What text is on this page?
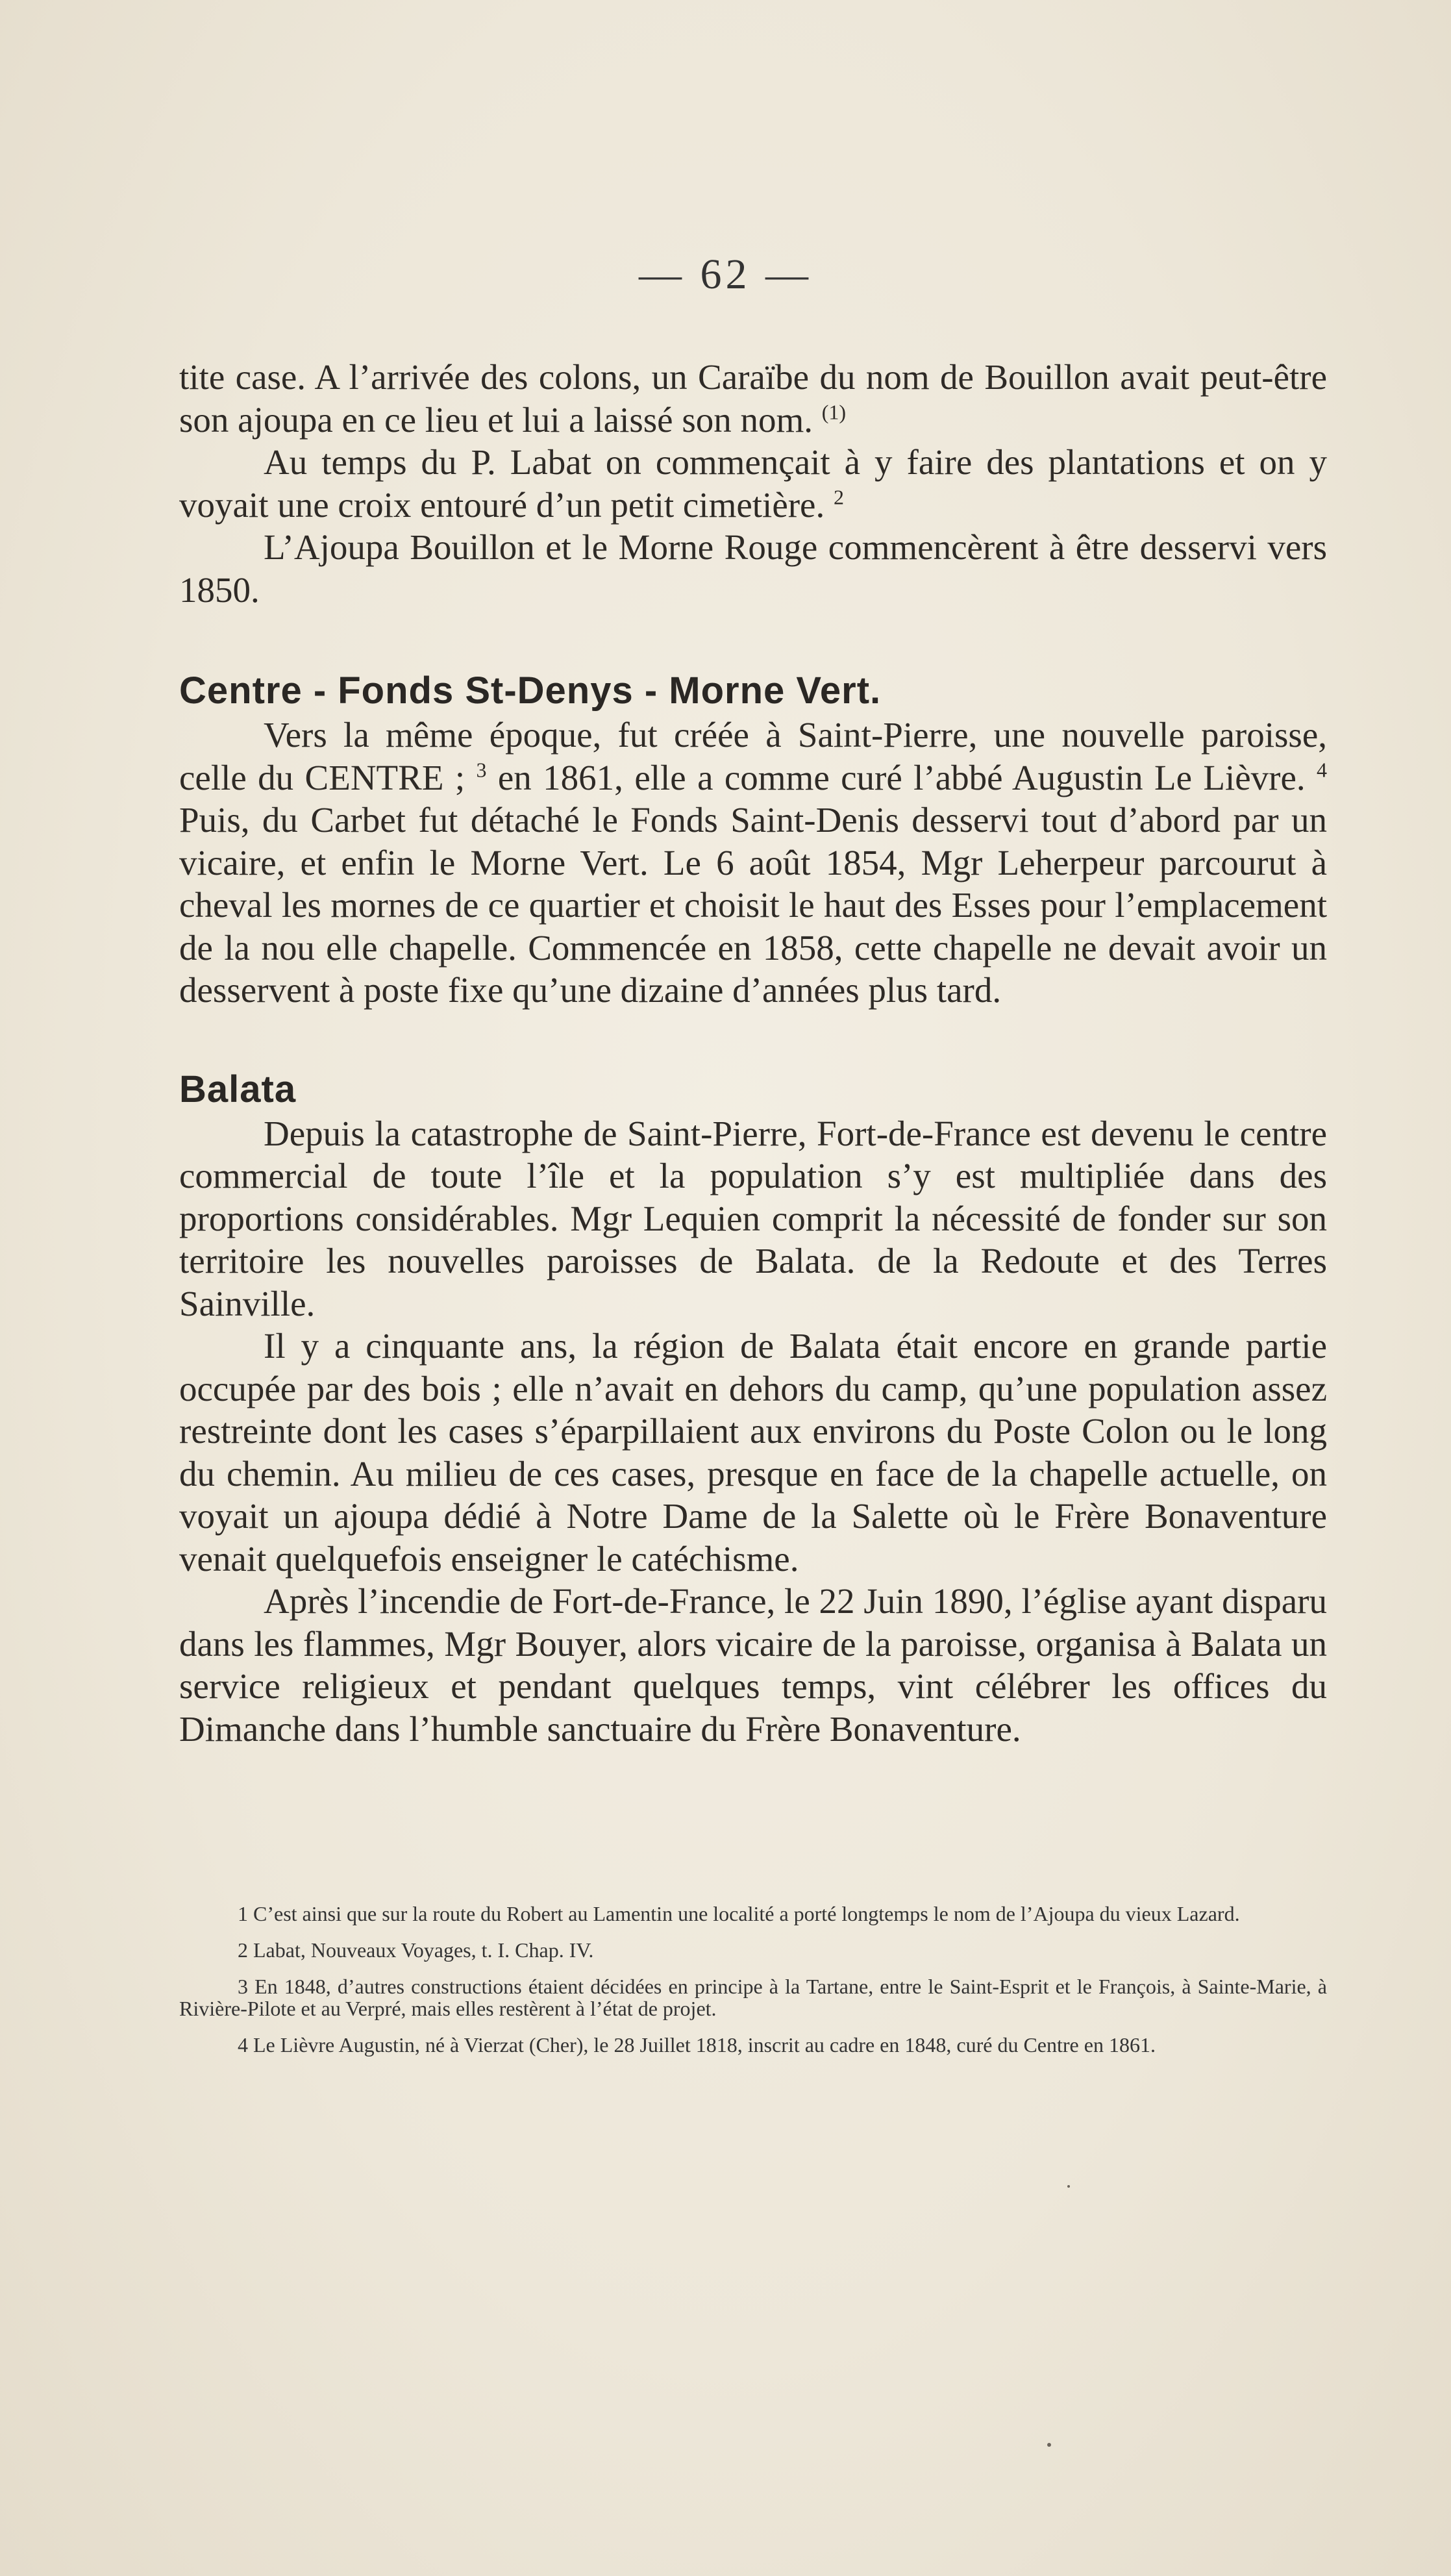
— 62 —

tite case. A l’arrivée des colons, un Caraïbe du nom de Bouillon avait peut-être son ajoupa en ce lieu et lui a laissé son nom. $^{(1)}$

Au temps du P. Labat on commençait à y faire des plantations et on y voyait une croix entouré d’un petit cimetière. $^2$

L’Ajoupa Bouillon et le Morne Rouge commencèrent à être desservi vers 1850.

Centre - Fonds St-Denys - Morne Vert.

Vers la même époque, fut créée à Saint-Pierre, une nouvelle paroisse, celle du CENTRE ; $^3$ en 1861, elle a comme curé l’abbé Augustin Le Lièvre. $^4$ Puis, du Carbet fut détaché le Fonds Saint-Denis desservi tout d’abord par un vicaire, et enfin le Morne Vert. Le 6 août 1854, Mgr Leherpeur parcourut à cheval les mornes de ce quartier et choisit le haut des Esses pour l’emplacement de la nou elle chapelle. Commencée en 1858, cette chapelle ne devait avoir un desservent à poste fixe qu’une dizaine d’années plus tard.

Balata

Depuis la catastrophe de Saint-Pierre, Fort-de-France est devenu le centre commercial de toute l’île et la population s’y est multipliée dans des proportions considérables. Mgr Lequien comprit la nécessité de fonder sur son territoire les nouvelles paroisses de Balata. de la Redoute et des Terres Sainville.

Il y a cinquante ans, la région de Balata était encore en grande partie occupée par des bois ; elle n’avait en dehors du camp, qu’une population assez restreinte dont les cases s’éparpillaient aux environs du Poste Colon ou le long du chemin. Au milieu de ces cases, presque en face de la chapelle actuelle, on voyait un ajoupa dédié à Notre Dame de la Salette où le Frère Bonaventure venait quelquefois enseigner le catéchisme.

Après l’incendie de Fort-de-France, le 22 Juin 1890, l’église ayant disparu dans les flammes, Mgr Bouyer, alors vicaire de la paroisse, organisa à Balata un service religieux et pendant quelques temps, vint célébrer les offices du Dimanche dans l’humble sanctuaire du Frère Bonaventure.

1 C’est ainsi que sur la route du Robert au Lamentin une localité a porté longtemps le nom de l’Ajoupa du vieux Lazard.

2 Labat, Nouveaux Voyages, t. I. Chap. IV.

3 En 1848, d’autres constructions étaient décidées en principe à la Tartane, entre le Saint-Esprit et le François, à Sainte-Marie, à Rivière-Pilote et au Verpré, mais elles restèrent à l’état de projet.

4 Le Lièvre Augustin, né à Vierzat (Cher), le 28 Juillet 1818, inscrit au cadre en 1848, curé du Centre en 1861.
